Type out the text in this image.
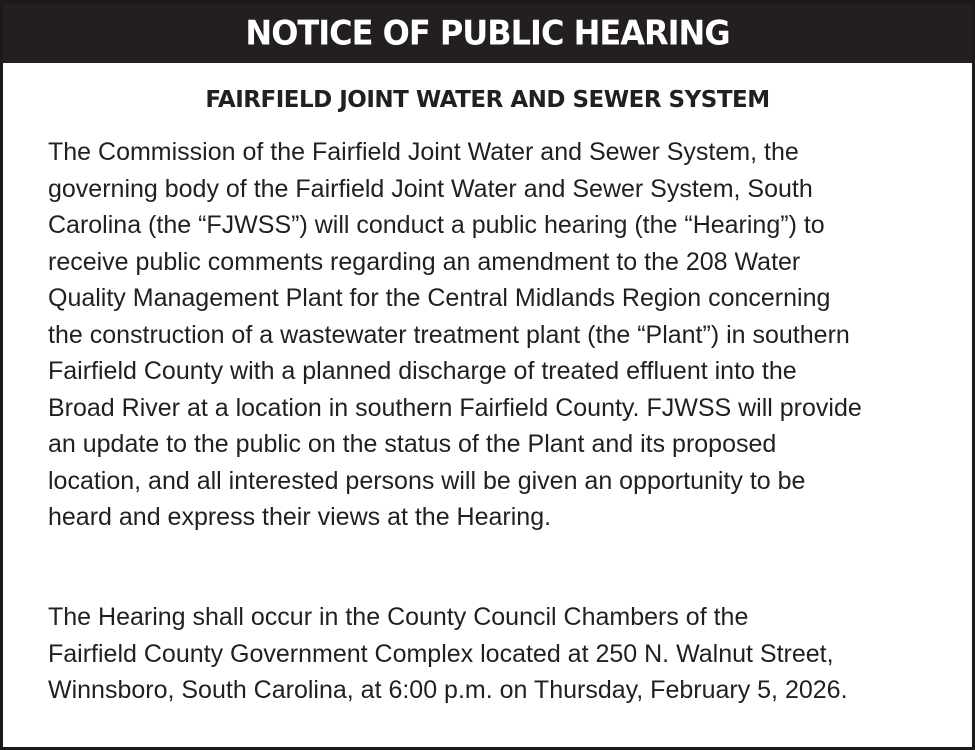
NOTICE OF PUBLIC HEARING
FAIRFIELD JOINT WATER AND SEWER SYSTEM

The Commission of the Fairfield Joint Water and Sewer System, the
governing body of the Fairfield Joint Water and Sewer System, South
Carolina (the “FJWSS”) will conduct a public hearing (the “Hearing”) to
receive public comments regarding an amendment to the 208 Water
Quality Management Plant for the Central Midlands Region concerning
the construction of a wastewater treatment plant (the “Plant”) in southern
Fairfield County with a planned discharge of treated effluent into the
Broad River at a location in southern Fairfield County. FJWSS will provide
an update to the public on the status of the Plant and its proposed
location, and all interested persons will be given an opportunity to be
heard and express their views at the Hearing.

The Hearing shall occur in the County Council Chambers of the
Fairfield County Government Complex located at 250 N. Walnut Street,
Winnsboro, South Carolina, at 6:00 p.m. on Thursday, February 5, 2026.
